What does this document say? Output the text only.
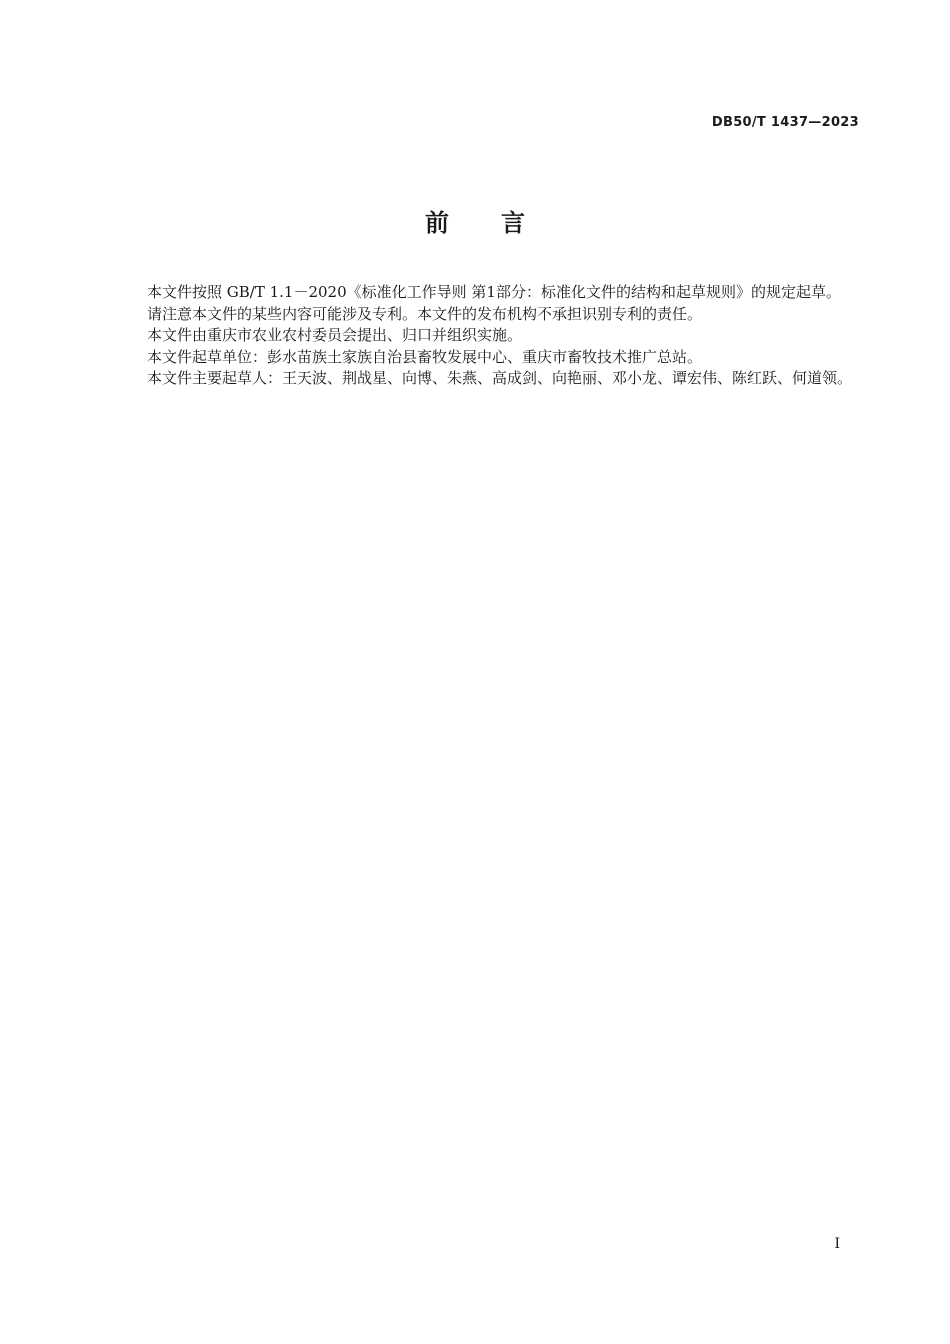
DB50/T 1437—2023
前 言

本文件按照 GB/T 1.1－2020《标准化工作导则 第1部分：标准化文件的结构和起草规则》的规定起草。

请注意本文件的某些内容可能涉及专利。本文件的发布机构不承担识别专利的责任。

本文件由重庆市农业农村委员会提出、归口并组织实施。

本文件起草单位：彭水苗族土家族自治县畜牧发展中心、重庆市畜牧技术推广总站。

本文件主要起草人：王天波、荆战星、向博、朱燕、高成剑、向艳丽、邓小龙、谭宏伟、陈红跃、何道领。

I
